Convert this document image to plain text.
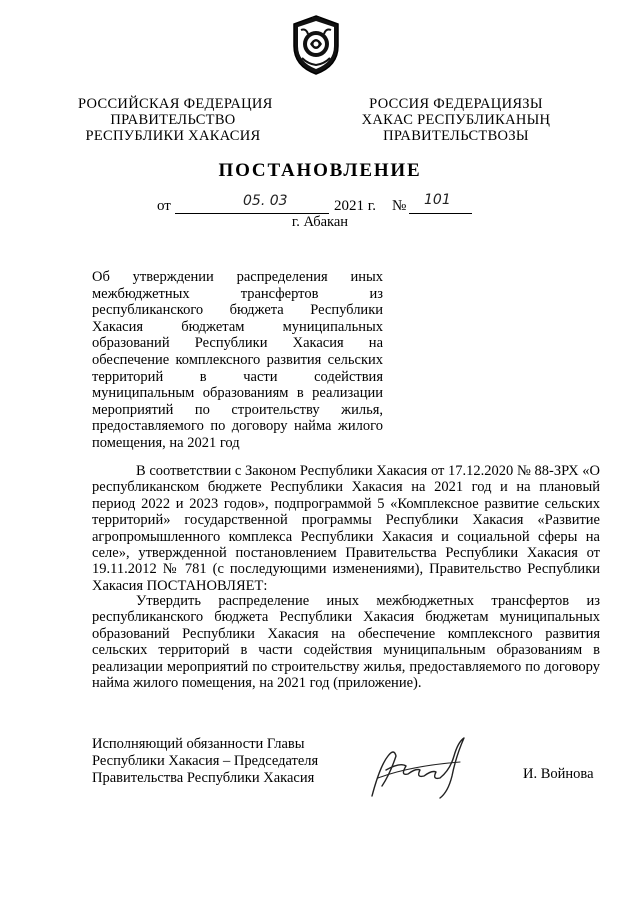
РОССИЙСКАЯ ФЕДЕРАЦИЯ
ПРАВИТЕЛЬСТВО
РЕСПУБЛИКИ ХАКАСИЯ
РОССИЯ ФЕДЕРАЦИЯЗЫ
ХАКАС РЕСПУБЛИКАНЫҢ
ПРАВИТЕЛЬСТВОЗЫ
ПОСТАНОВЛЕНИЕ
от	05. 03	2021 г. № 101
г. Абакан
Об утверждении распределения иных межбюджетных трансфертов из республиканского бюджета Республики Хакасия бюджетам муниципальных образований Республики Хакасия на обеспечение комплексного развития сельских территорий в части содействия муниципальным образованиям в реализации мероприятий по строительству жилья, предоставляемого по договору найма жилого помещения, на 2021 год
В соответствии с Законом Республики Хакасия от 17.12.2020 № 88-ЗРХ «О республиканском бюджете Республики Хакасия на 2021 год и на плановый период 2022 и 2023 годов», подпрограммой 5 «Комплексное развитие сельских территорий» государственной программы Республики Хакасия «Развитие агропромышленного комплекса Республики Хакасия и социальной сферы на селе», утвержденной постановлением Правительства Республики Хакасия от 19.11.2012 № 781 (с последующими изменениями), Правительство Республики Хакасия ПОСТАНОВЛЯЕТ:
Утвердить распределение иных межбюджетных трансфертов из республиканского бюджета Республики Хакасия бюджетам муниципальных образований Республики Хакасия на обеспечение комплексного развития сельских территорий в части содействия муниципальным образованиям в реализации мероприятий по строительству жилья, предоставляемого по договору найма жилого помещения, на 2021 год (приложение).
Исполняющий обязанности Главы
Республики Хакасия – Председателя
Правительства Республики Хакасия	И. Войнова
